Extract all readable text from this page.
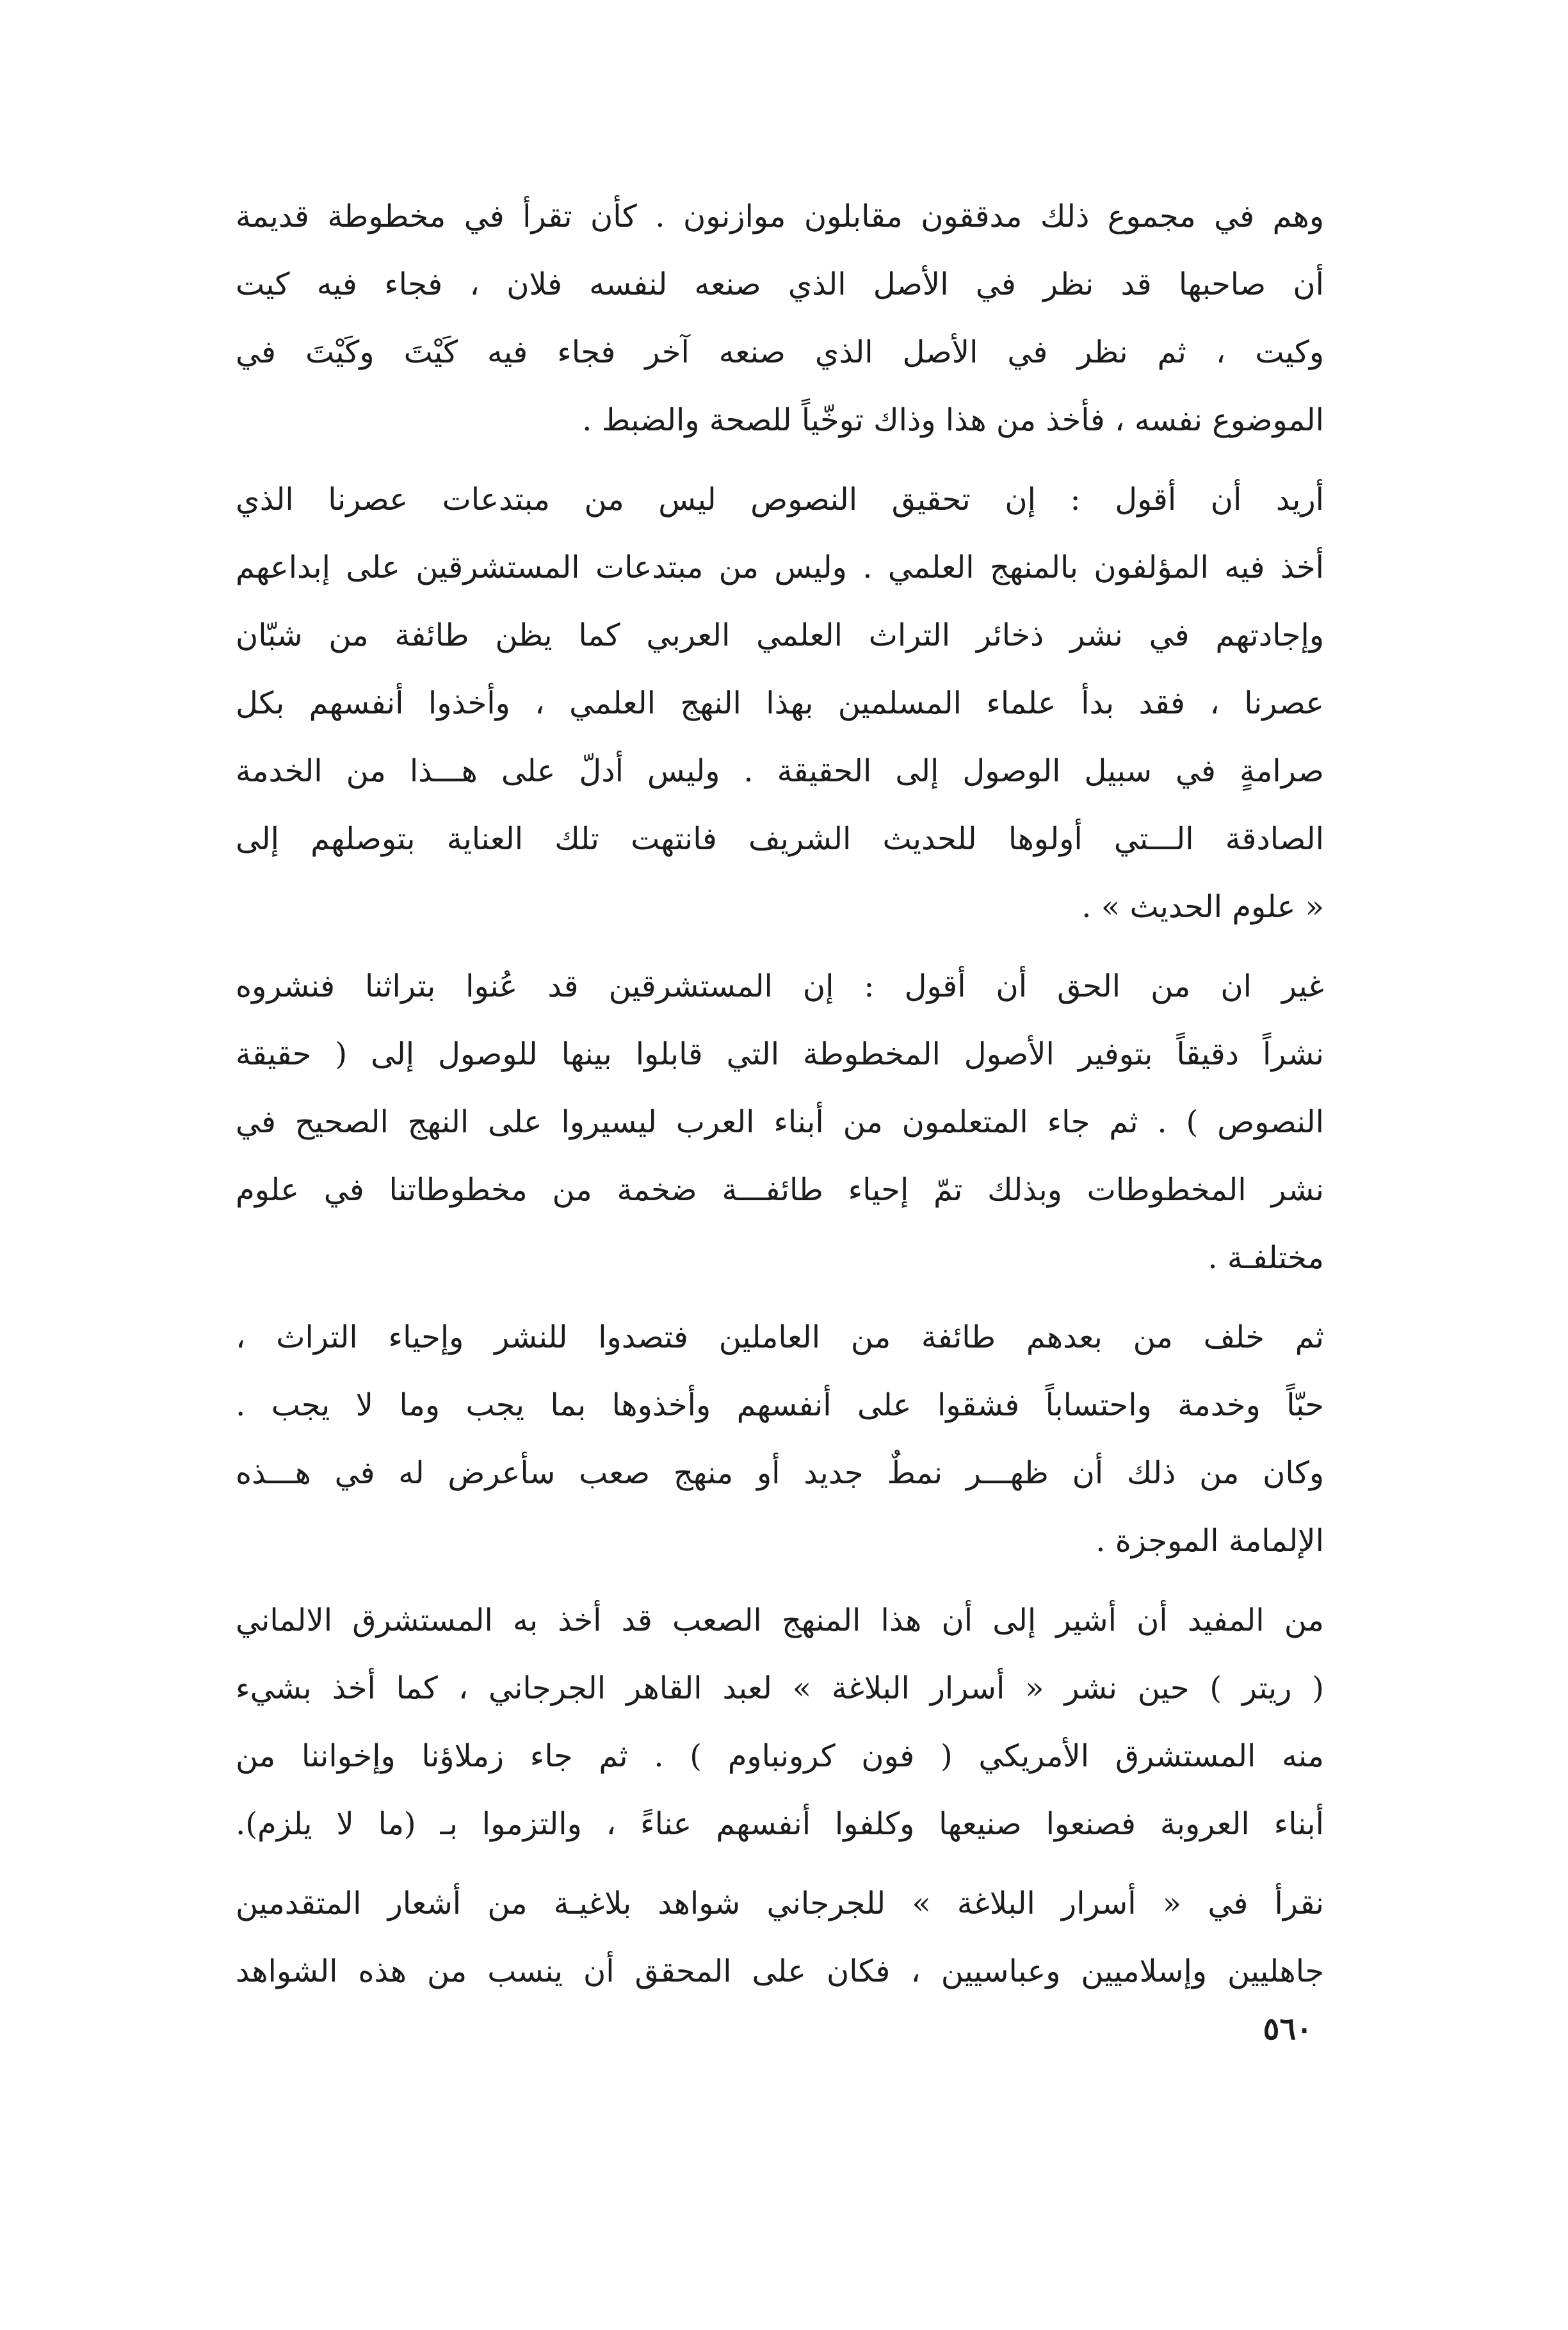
وهم في مجموع ذلك مدققون مقابلون موازنون . كأن تقرأ في مخطوطة قديمة
أن صاحبها قد نظر في الأصل الذي صنعه لنفسه فلان ، فجاء فيه كيت
وكيت ، ثم نظر في الأصل الذي صنعه آخر فجاء فيه كَيْتَ وكَيْتَ في
الموضوع نفسه ، فأخذ من هذا وذاك توخّياً للصحة والضبط .
أريد أن أقول : إن تحقيق النصوص ليس من مبتدعات عصرنا الذي
أخذ فيه المؤلفون بالمنهج العلمي . وليس من مبتدعات المستشرقين على إبداعهم
وإجادتهم في نشر ذخائر التراث العلمي العربي كما يظن طائفة من شبّان
عصرنا ، فقد بدأ علماء المسلمين بهذا النهج العلمي ، وأخذوا أنفسهم بكل
صرامةٍ في سبيل الوصول إلى الحقيقة . وليس أدلّ على هـــذا من الخدمة
الصادقة الـــتي أولوها للحديث الشريف فانتهت تلك العناية بتوصلهم إلى
« علوم الحديث » .
غير ان من الحق أن أقول : إن المستشرقين قد عُنوا بتراثنا فنشروه
نشراً دقيقاً بتوفير الأصول المخطوطة التي قابلوا بينها للوصول إلى ( حقيقة
النصوص ) . ثم جاء المتعلمون من أبناء العرب ليسيروا على النهج الصحيح في
نشر المخطوطات وبذلك تمّ إحياء طائفـــة ضخمة من مخطوطاتنا في علوم
مختلفـة .
ثم خلف من بعدهم طائفة من العاملين فتصدوا للنشر وإحياء التراث ،
حبّاً وخدمة واحتساباً فشقوا على أنفسهم وأخذوها بما يجب وما لا يجب .
وكان من ذلك أن ظهـــر نمطٌ جديد أو منهج صعب سأعرض له في هـــذه
الإلمامة الموجزة .
من المفيد أن أشير إلى أن هذا المنهج الصعب قد أخذ به المستشرق الالماني
( ريتر ) حين نشر « أسرار البلاغة » لعبد القاهر الجرجاني ، كما أخذ بشيء
منه المستشرق الأمريكي ( فون كرونباوم ) . ثم جاء زملاؤنا وإخواننا من
أبناء العروبة فصنعوا صنيعها وكلفوا أنفسهم عناءً ، والتزموا بـ (ما لا يلزم).
نقرأ في « أسرار البلاغة » للجرجاني شواهد بلاغيـة من أشعار المتقدمين
جاهليين وإسلاميين وعباسيين ، فكان على المحقق أن ينسب من هذه الشواهد
٥٦٠
